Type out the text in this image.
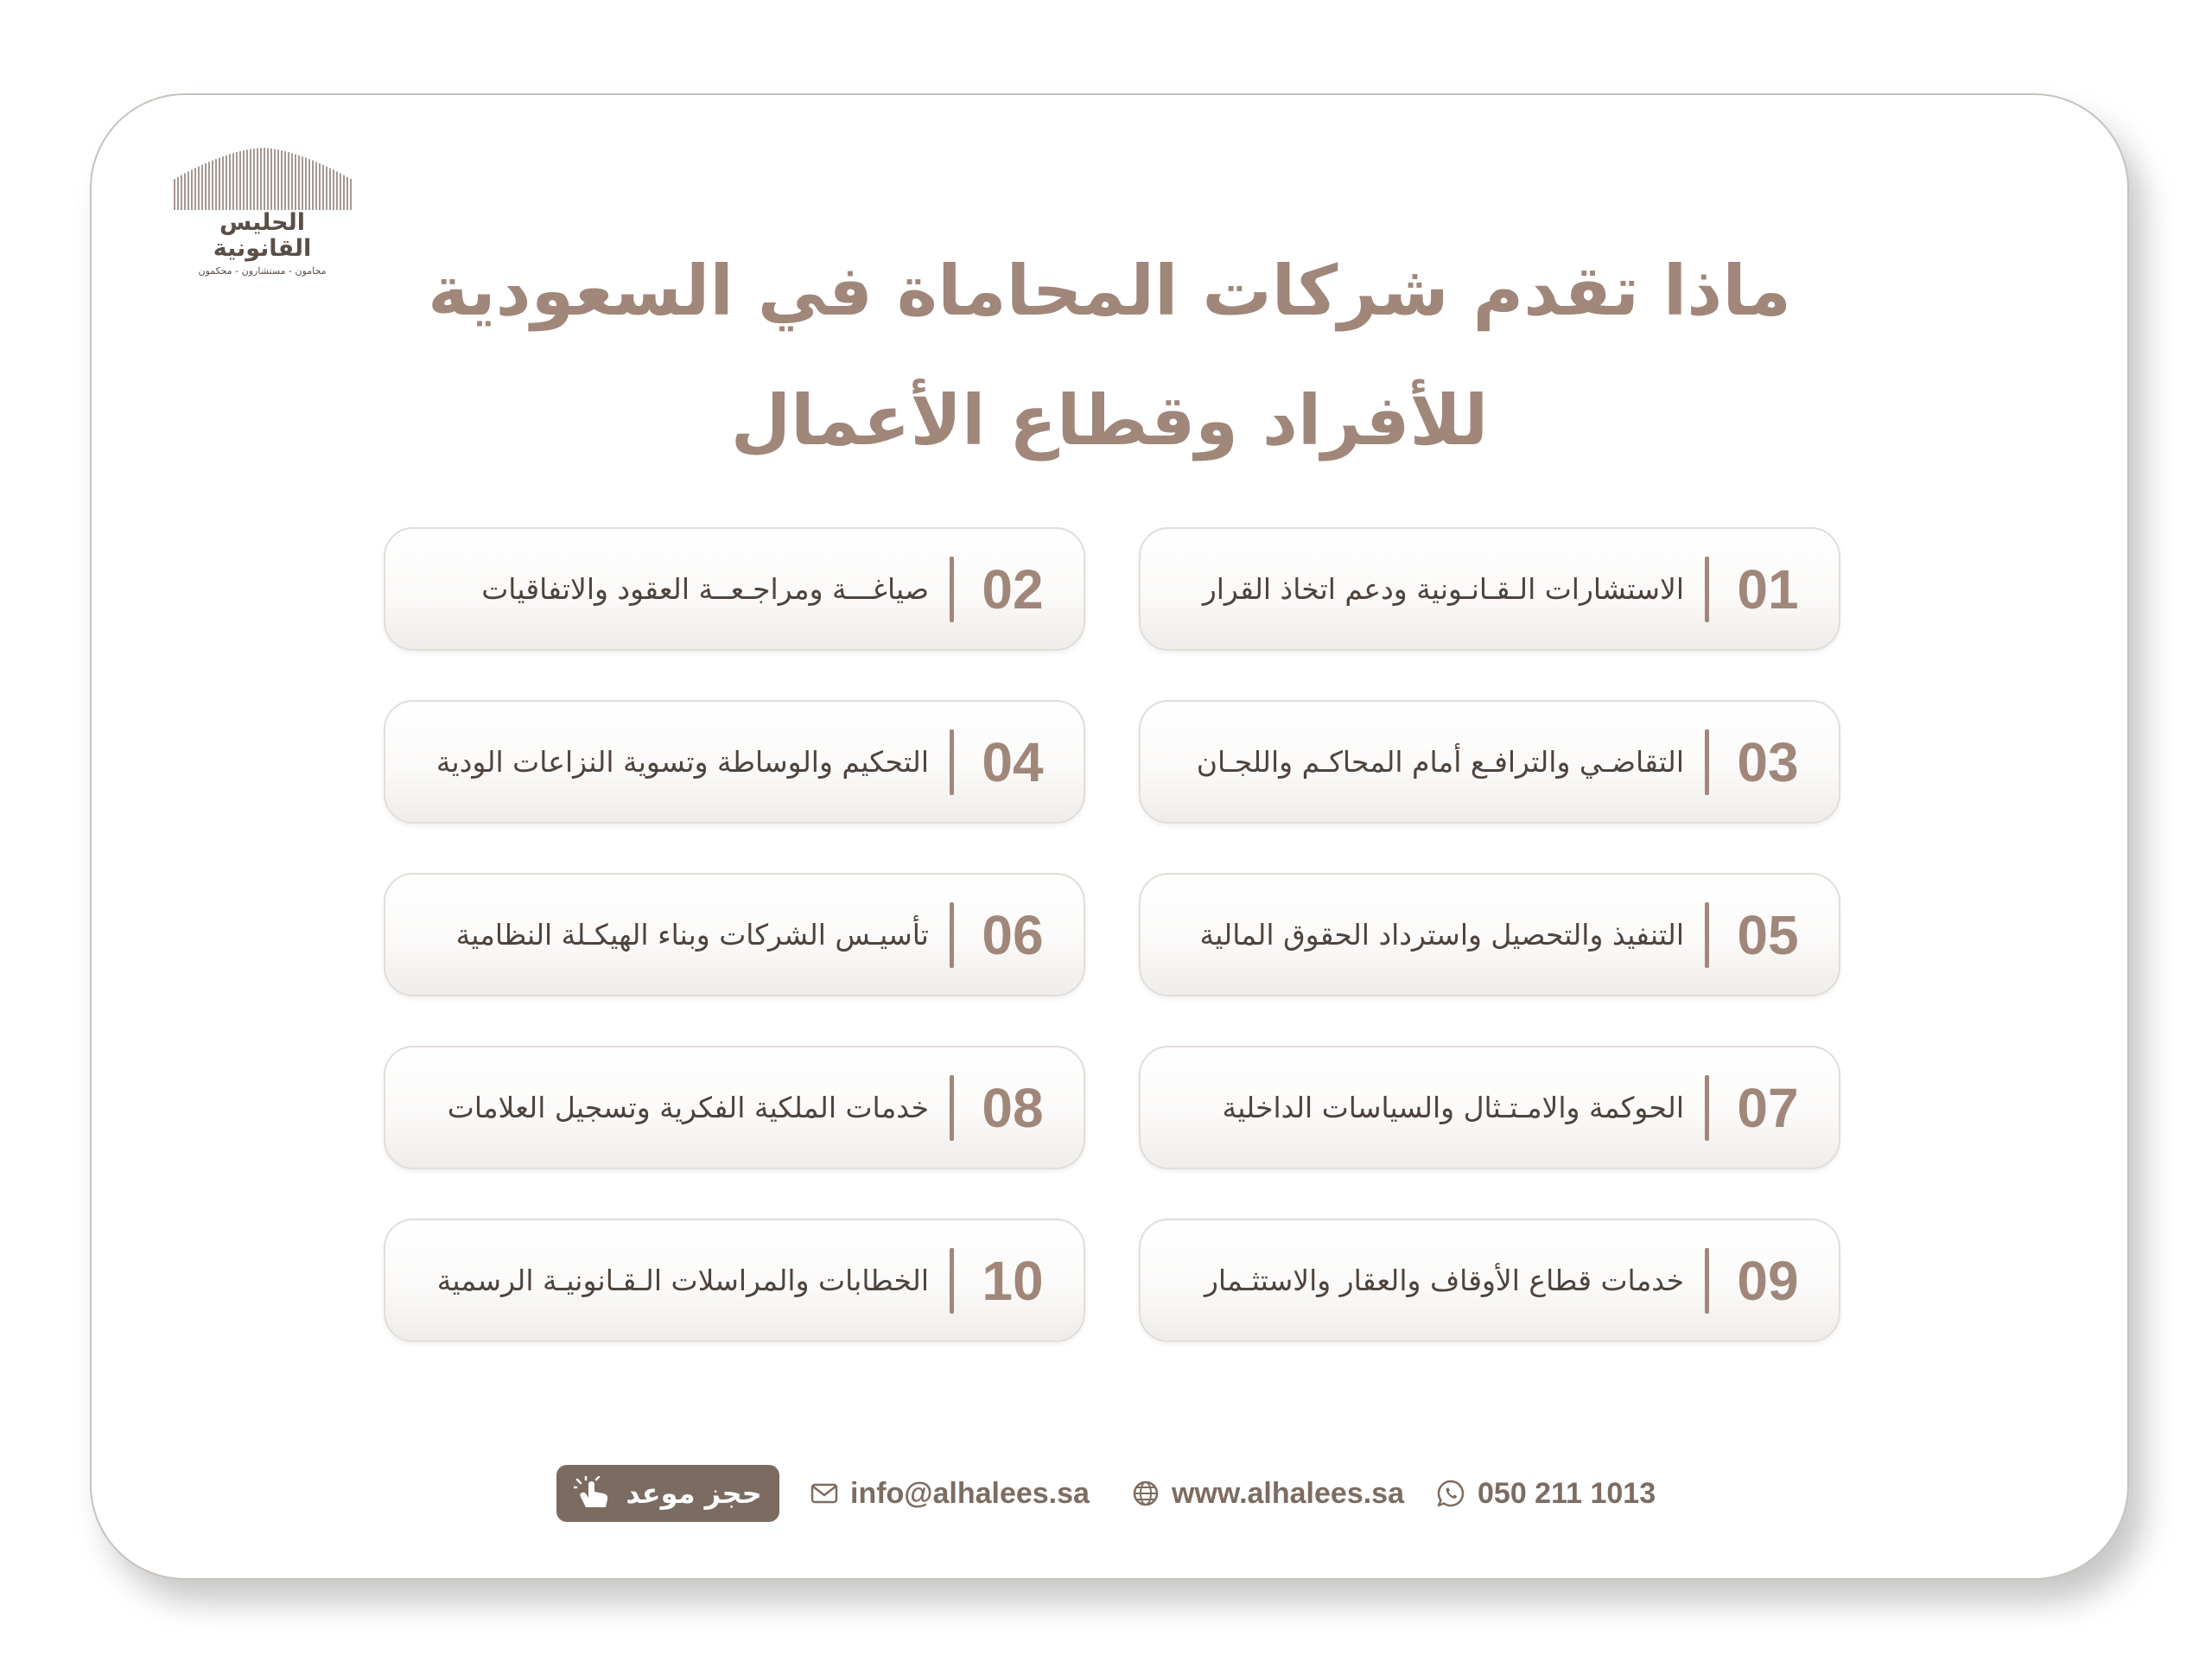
الحليس القانونية
محامون - مستشارون - محكمون	ماذا تقدم شركات المحاماة في السعودية
للأفراد وقطاع الأعمال
01
الاستشارات الـقـانـونية ودعم اتخاذ القرار
02
صياغـــة ومراجـعــة العقود والاتفاقيات
03
التقاضـي والترافـع أمام المحاكـم واللجـان
04
التحكيم والوساطة وتسوية النزاعات الودية
05
التنفيذ والتحصيل واسترداد الحقوق المالية
06
تأسيـس الشركات وبناء الهيكـلة النظامية
07
الحوكمة والامـتـثال والسياسات الداخلية
08
خدمات الملكية الفكرية وتسجيل العلامات
09
خدمات قطاع الأوقاف والعقار والاستثـمار
10
الخطابات والمراسلات الـقـانونيـة الرسمية
حجز موعد	info@alhalees.sa	www.alhalees.sa	050 211 1013
